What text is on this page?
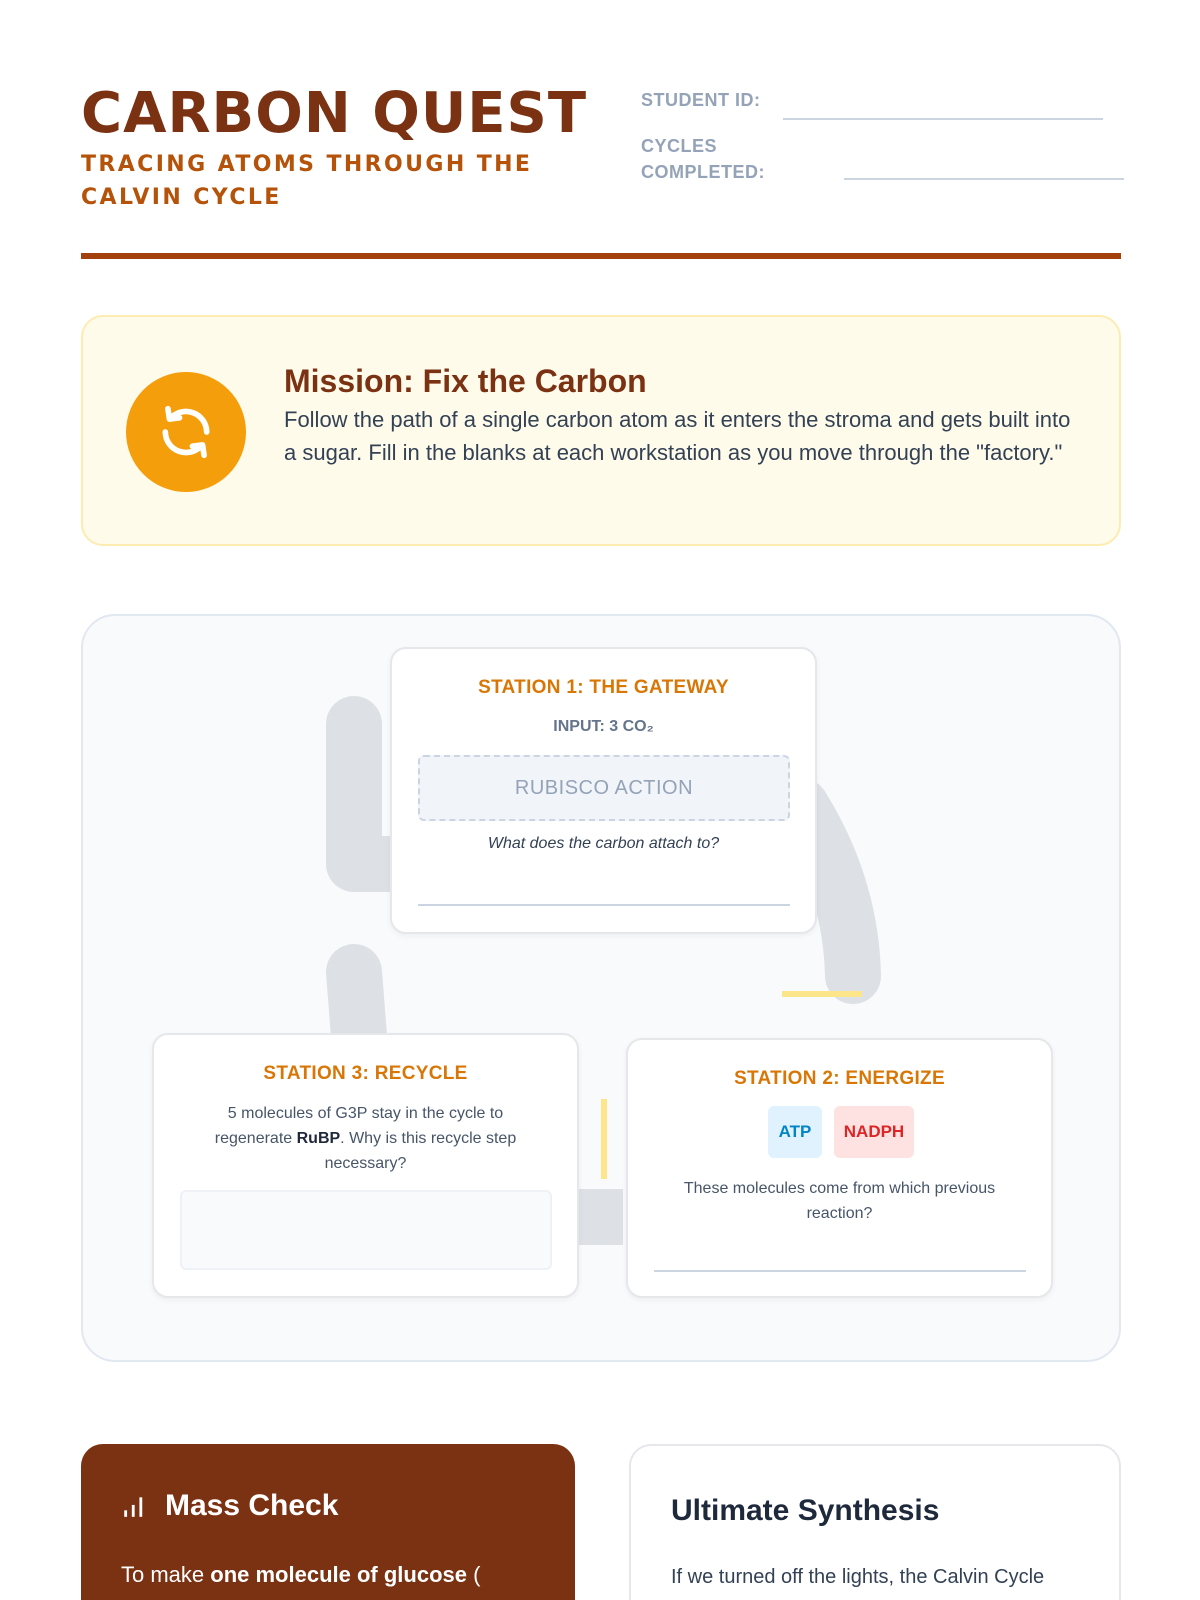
CARBON QUEST
TRACING ATOMS THROUGH THE CALVIN CYCLE
STUDENT ID:
CYCLES
COMPLETED:
Mission: Fix the Carbon
Follow the path of a single carbon atom as it enters the stroma and gets built into a sugar. Fill in the blanks at each workstation as you move through the "factory."
STATION 1: THE GATEWAY
INPUT: 3 CO₂
RUBISCO ACTION
What does the carbon attach to?
STATION 3: RECYCLE
5 molecules of G3P stay in the cycle to regenerate RuBP. Why is this recycle step necessary?
STATION 2: ENERGIZE
ATP	NADPH
These molecules come from which previous reaction?
Mass Check
To make one molecule of glucose (
Ultimate Synthesis
If we turned off the lights, the Calvin Cycle
